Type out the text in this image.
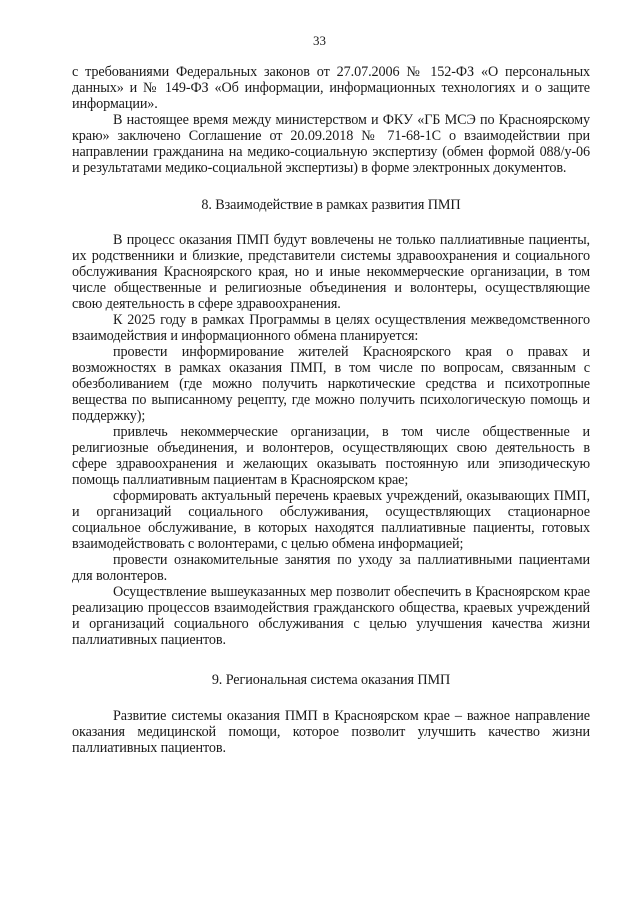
33

с требованиями Федеральных законов от 27.07.2006 № 152-ФЗ «О персональных данных» и № 149-ФЗ «Об информации, информационных технологиях и о защите информации».

В настоящее время между министерством и ФКУ «ГБ МСЭ по Красноярскому краю» заключено Соглашение от 20.09.2018 № 71-68-1С о взаимодействии при направлении гражданина на медико-социальную экспертизу (обмен формой 088/у-06 и результатами медико-социальной экспертизы) в форме электронных документов.

8. Взаимодействие в рамках развития ПМП

В процесс оказания ПМП будут вовлечены не только паллиативные пациенты, их родственники и близкие, представители системы здравоохранения и социального обслуживания Красноярского края, но и иные некоммерческие организации, в том числе общественные и религиозные объединения и волонтеры, осуществляющие свою деятельность в сфере здравоохранения.

К 2025 году в рамках Программы в целях осуществления межведомственного взаимодействия и информационного обмена планируется:

провести информирование жителей Красноярского края о правах и возможностях в рамках оказания ПМП, в том числе по вопросам, связанным с обезболиванием (где можно получить наркотические средства и психотропные вещества по выписанному рецепту, где можно получить психологическую помощь и поддержку);

привлечь некоммерческие организации, в том числе общественные и религиозные объединения, и волонтеров, осуществляющих свою деятельность в сфере здравоохранения и желающих оказывать постоянную или эпизодическую помощь паллиативным пациентам в Красноярском крае;

сформировать актуальный перечень краевых учреждений, оказывающих ПМП, и организаций социального обслуживания, осуществляющих стационарное социальное обслуживание, в которых находятся паллиативные пациенты, готовых взаимодействовать с волонтерами, с целью обмена информацией;

провести ознакомительные занятия по уходу за паллиативными пациентами для волонтеров.

Осуществление вышеуказанных мер позволит обеспечить в Красноярском крае реализацию процессов взаимодействия гражданского общества, краевых учреждений и организаций социального обслуживания с целью улучшения качества жизни паллиативных пациентов.

9. Региональная система оказания ПМП

Развитие системы оказания ПМП в Красноярском крае – важное направление оказания медицинской помощи, которое позволит улучшить качество жизни паллиативных пациентов.
